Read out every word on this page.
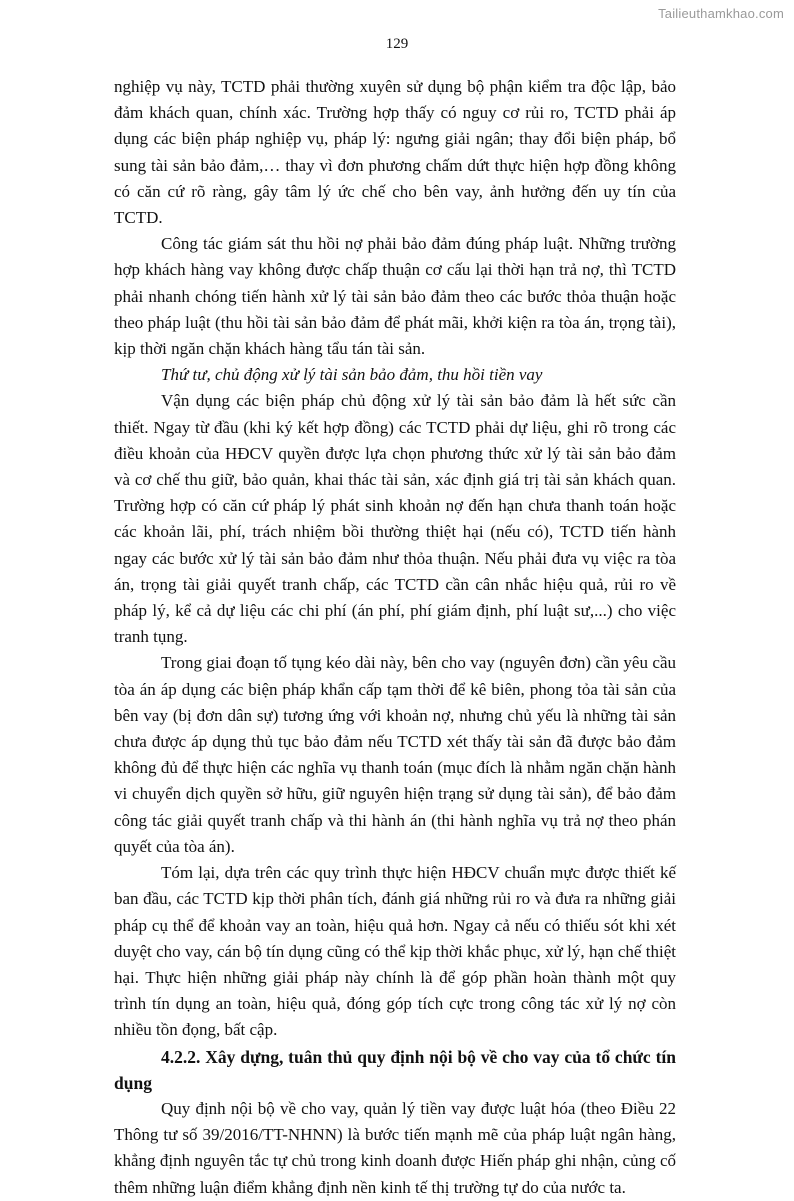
Tailieuthamkhao.com
129

nghiệp vụ này, TCTD phải thường xuyên sử dụng bộ phận kiểm tra độc lập, bảo đảm khách quan, chính xác. Trường hợp thấy có nguy cơ rủi ro, TCTD phải áp dụng các biện pháp nghiệp vụ, pháp lý: ngưng giải ngân; thay đổi biện pháp, bổ sung tài sản bảo đảm,… thay vì đơn phương chấm dứt thực hiện hợp đồng không có căn cứ rõ ràng, gây tâm lý ức chế cho bên vay, ảnh hưởng đến uy tín của TCTD.

Công tác giám sát thu hồi nợ phải bảo đảm đúng pháp luật. Những trường hợp khách hàng vay không được chấp thuận cơ cấu lại thời hạn trả nợ, thì TCTD phải nhanh chóng tiến hành xử lý tài sản bảo đảm theo các bước thỏa thuận hoặc theo pháp luật (thu hồi tài sản bảo đảm để phát mãi, khởi kiện ra tòa án, trọng tài), kịp thời ngăn chặn khách hàng tẩu tán tài sản.

Thứ tư, chủ động xử lý tài sản bảo đảm, thu hồi tiền vay

Vận dụng các biện pháp chủ động xử lý tài sản bảo đảm là hết sức cần thiết. Ngay từ đầu (khi ký kết hợp đồng) các TCTD phải dự liệu, ghi rõ trong các điều khoản của HĐCV quyền được lựa chọn phương thức xử lý tài sản bảo đảm và cơ chế thu giữ, bảo quản, khai thác tài sản, xác định giá trị tài sản khách quan. Trường hợp có căn cứ pháp lý phát sinh khoản nợ đến hạn chưa thanh toán hoặc các khoản lãi, phí, trách nhiệm bồi thường thiệt hại (nếu có), TCTD tiến hành ngay các bước xử lý tài sản bảo đảm như thỏa thuận. Nếu phải đưa vụ việc ra tòa án, trọng tài giải quyết tranh chấp, các TCTD cần cân nhắc hiệu quả, rủi ro về pháp lý, kể cả dự liệu các chi phí (án phí, phí giám định, phí luật sư,...) cho việc tranh tụng.

Trong giai đoạn tố tụng kéo dài này, bên cho vay (nguyên đơn) cần yêu cầu tòa án áp dụng các biện pháp khẩn cấp tạm thời để kê biên, phong tỏa tài sản của bên vay (bị đơn dân sự) tương ứng với khoản nợ, nhưng chủ yếu là những tài sản chưa được áp dụng thủ tục bảo đảm nếu TCTD xét thấy tài sản đã được bảo đảm không đủ để thực hiện các nghĩa vụ thanh toán (mục đích là nhằm ngăn chặn hành vi chuyển dịch quyền sở hữu, giữ nguyên hiện trạng sử dụng tài sản), để bảo đảm công tác giải quyết tranh chấp và thi hành án (thi hành nghĩa vụ trả nợ theo phán quyết của tòa án).

Tóm lại, dựa trên các quy trình thực hiện HĐCV chuẩn mực được thiết kế ban đầu, các TCTD kịp thời phân tích, đánh giá những rủi ro và đưa ra những giải pháp cụ thể để khoản vay an toàn, hiệu quả hơn. Ngay cả nếu có thiếu sót khi xét duyệt cho vay, cán bộ tín dụng cũng có thể kịp thời khắc phục, xử lý, hạn chế thiệt hại. Thực hiện những giải pháp này chính là để góp phần hoàn thành một quy trình tín dụng an toàn, hiệu quả, đóng góp tích cực trong công tác xử lý nợ còn nhiều tồn đọng, bất cập.

4.2.2. Xây dựng, tuân thủ quy định nội bộ về cho vay của tổ chức tín dụng

Quy định nội bộ về cho vay, quản lý tiền vay được luật hóa (theo Điều 22 Thông tư số 39/2016/TT-NHNN) là bước tiến mạnh mẽ của pháp luật ngân hàng, khẳng định nguyên tắc tự chủ trong kinh doanh được Hiến pháp ghi nhận, củng cố thêm những luận điểm khẳng định nền kinh tế thị trường tự do của nước ta.
